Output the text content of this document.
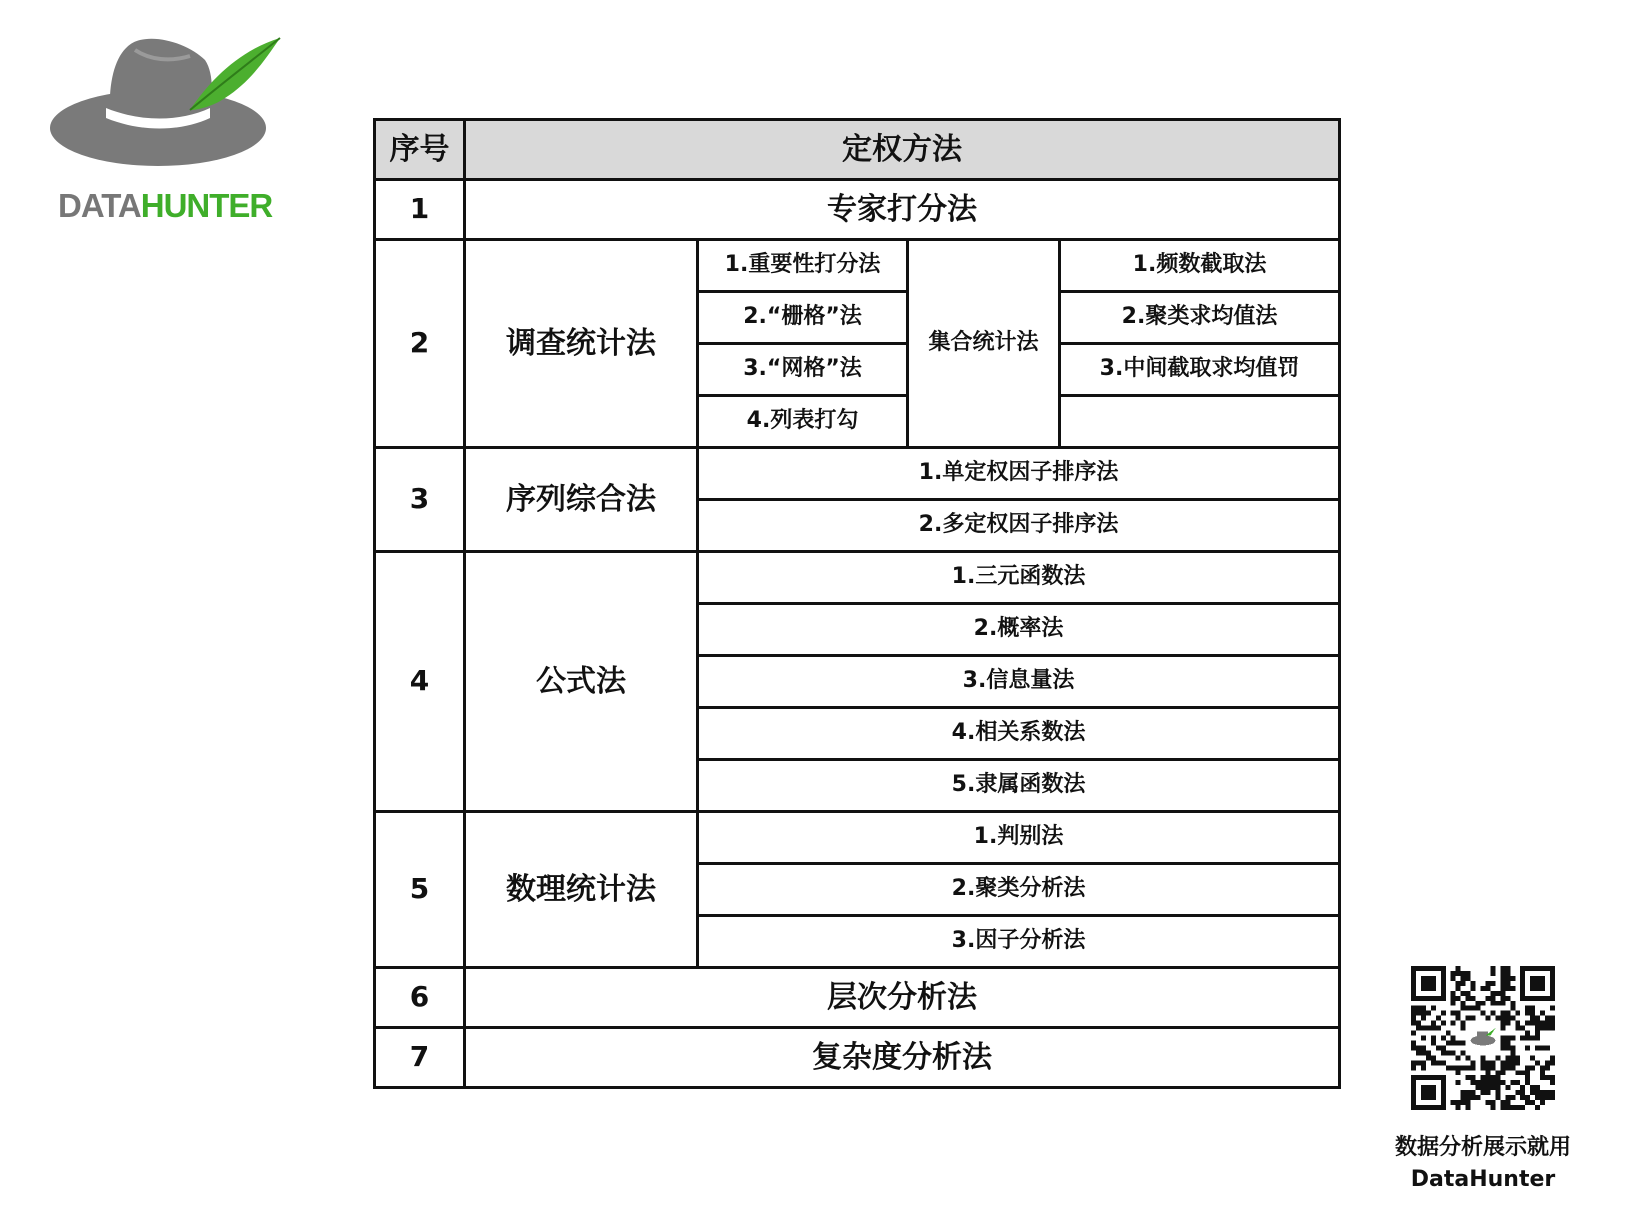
DATAHUNTER
序号	定权方法			
1	专家打分法			
2	调查统计法	1.重要性打分法	集合统计法	1.频数截取法
		2.“栅格”法		2.聚类求均值法
		3.“网格”法		3.中间截取求均值罚
		4.列表打勾		
3	序列综合法	1.单定权因子排序法		
		2.多定权因子排序法		
4	公式法	1.三元函数法		
		2.概率法		
		3.信息量法		
		4.相关系数法		
		5.隶属函数法		
5	数理统计法	1.判别法		
		2.聚类分析法		
		3.因子分析法		
6	层次分析法			
7	复杂度分析法			
数据分析展示就用
DataHunter
